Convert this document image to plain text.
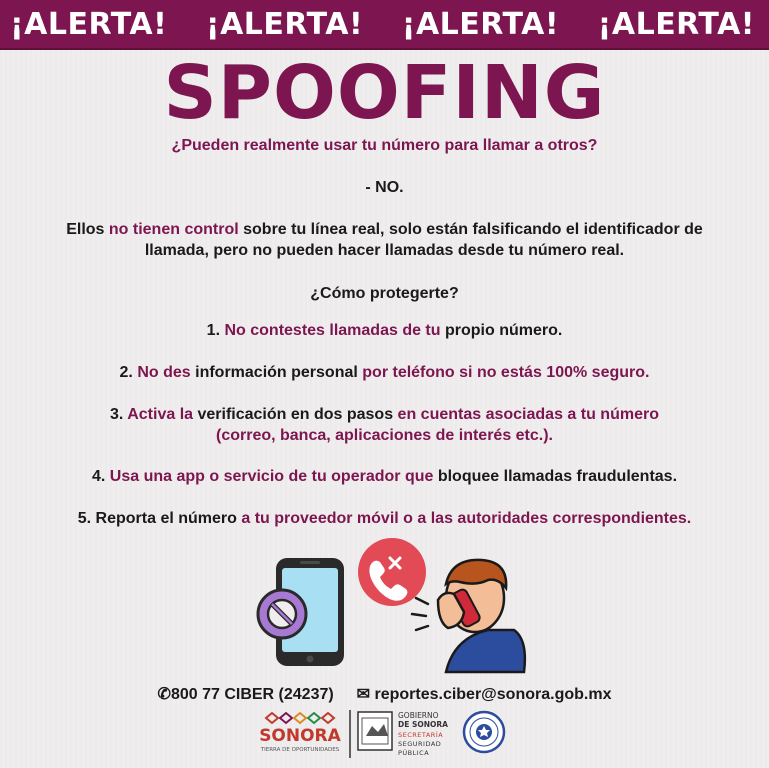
¡ALERTA! ¡ALERTA! ¡ALERTA! ¡ALERTA!
SPOOFING
¿Pueden realmente usar tu número para llamar a otros?
- NO.
Ellos no tienen control sobre tu línea real, solo están falsificando el identificador de
llamada, pero no pueden hacer llamadas desde tu número real.
¿Cómo protegerte?
1. No contestes llamadas de tu propio número.
2. No des información personal por teléfono si no estás 100% seguro.
3. Activa la verificación en dos pasos en cuentas asociadas a tu número
(correo, banca, aplicaciones de interés etc.).
4. Usa una app o servicio de tu operador que bloquee llamadas fraudulentas.
5. Reporta el número a tu proveedor móvil o a las autoridades correspondientes.
✆800 77 CIBER (24237) ✉ reportes.ciber@sonora.gob.mx
SONORA
TIERRA DE OPORTUNIDADES
GOBIERNO
DE SONORA
SECRETARÍA
SEGURIDAD
PÚBLICA
